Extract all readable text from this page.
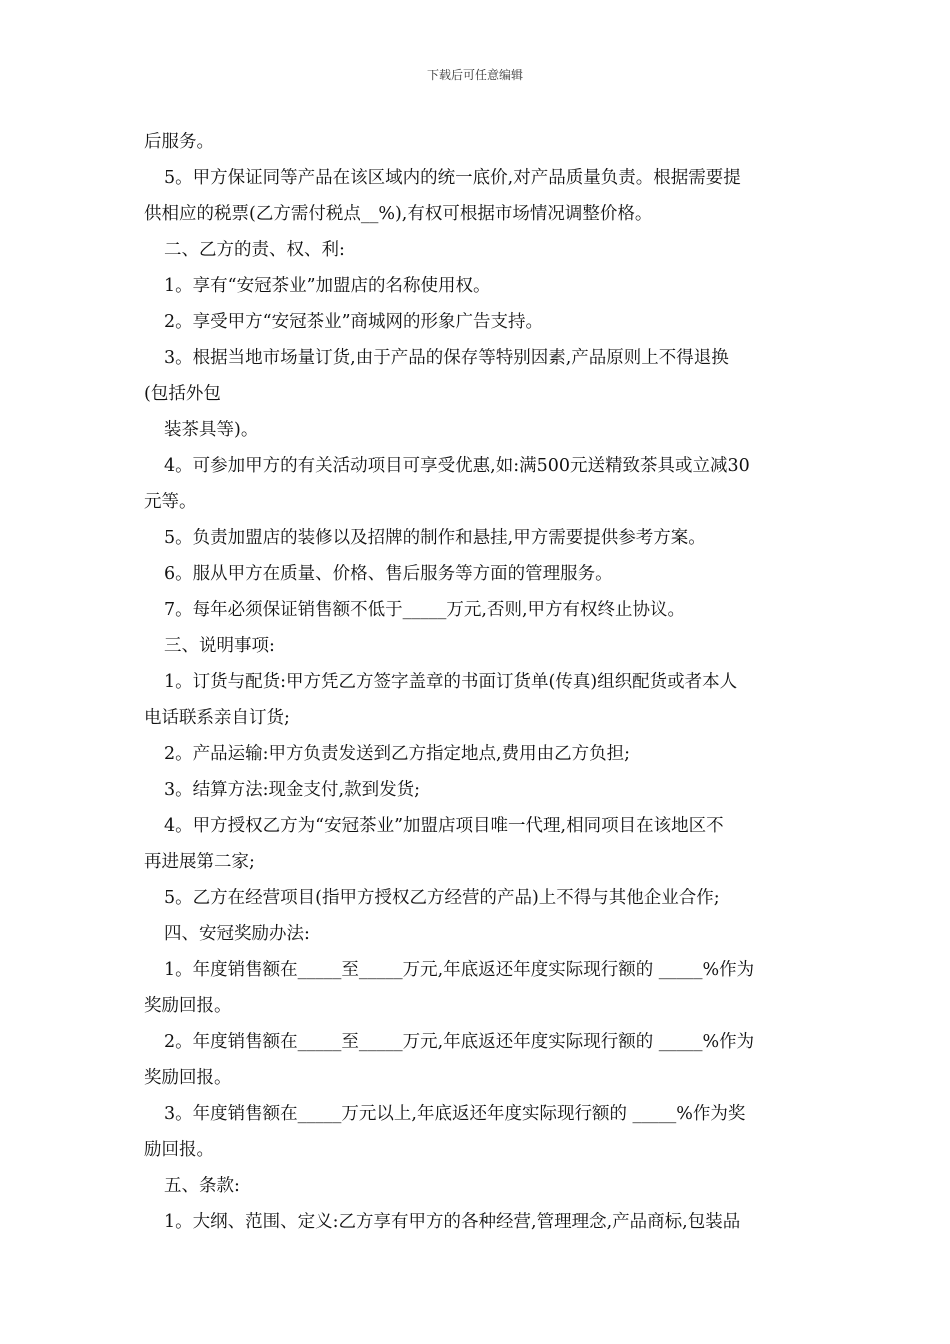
下载后可任意编辑
后服务。
5。甲方保证同等产品在该区域内的统一底价,对产品质量负责。根据需要提
供相应的税票(乙方需付税点__%),有权可根据市场情况调整价格。
二、乙方的责、权、利:
1。享有“安冠茶业”加盟店的名称使用权。
2。享受甲方“安冠茶业”商城网的形象广告支持。
3。根据当地市场量订货,由于产品的保存等特别因素,产品原则上不得退换
(包括外包
装茶具等)。
4。可参加甲方的有关活动项目可享受优惠,如:满500元送精致茶具或立减30
元等。
5。负责加盟店的装修以及招牌的制作和悬挂,甲方需要提供参考方案。
6。服从甲方在质量、价格、售后服务等方面的管理服务。
7。每年必须保证销售额不低于_____万元,否则,甲方有权终止协议。
三、说明事项:
1。订货与配货:甲方凭乙方签字盖章的书面订货单(传真)组织配货或者本人
电话联系亲自订货;
2。产品运输:甲方负责发送到乙方指定地点,费用由乙方负担;
3。结算方法:现金支付,款到发货;
4。甲方授权乙方为“安冠茶业”加盟店项目唯一代理,相同项目在该地区不
再进展第二家;
5。乙方在经营项目(指甲方授权乙方经营的产品)上不得与其他企业合作;
四、安冠奖励办法:
1。年度销售额在_____至_____万元,年底返还年度实际现行额的 _____%作为
奖励回报。
2。年度销售额在_____至_____万元,年底返还年度实际现行额的 _____%作为
奖励回报。
3。年度销售额在_____万元以上,年底返还年度实际现行额的 _____%作为奖
励回报。
五、条款:
1。大纲、范围、定义:乙方享有甲方的各种经营,管理理念,产品商标,包装品
